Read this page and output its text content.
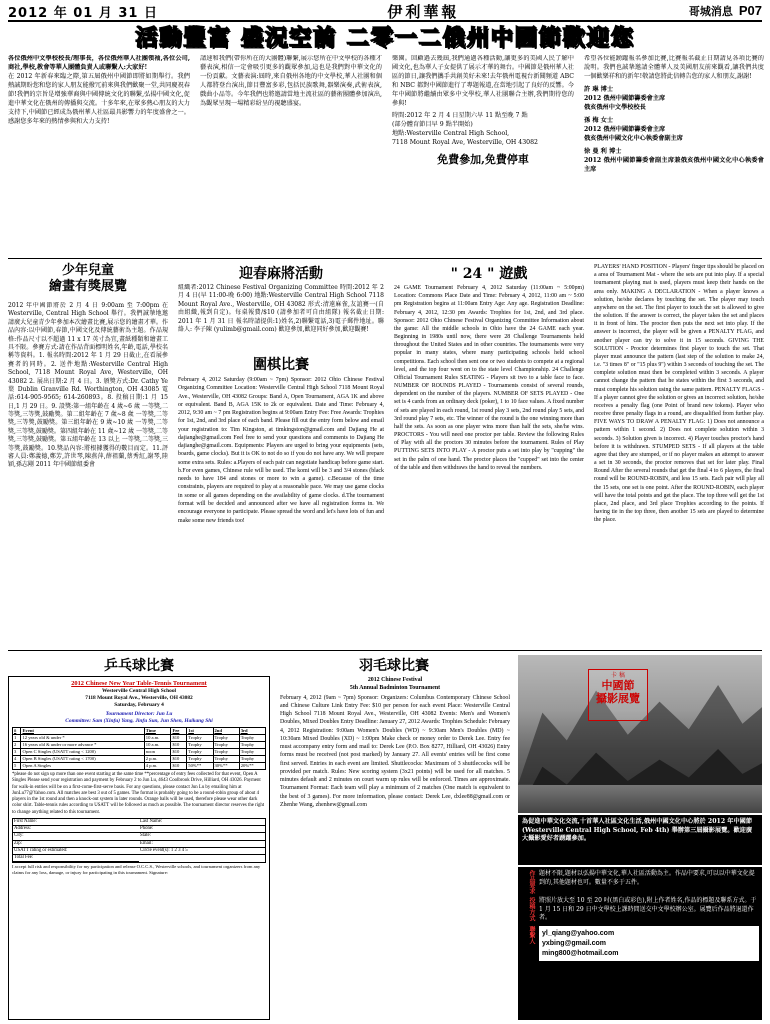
2012 年 01 月 31 日	伊利華報	哥城消息 P07
活動豐富 盛況空前 二零一二俄州中國節歡迎您

各位俄州中文學校校長/理事長，各位俄州華人社團領袖,各位公司,商社,學校,教會等華人團體負責人或聯繫人:大家好!

在 2012 年新春來臨之際,第五屆俄州中國節即將如期舉行。我們熱誠期盼您和您的家人朋友能撥冗前來與我們歡聚一堂,共同慶祝春節!我們的宗旨是增強華裔與中國傳統文化的聯繫,弘揚中國文化,促進中華文化在俄州的傳播與交流。十多年來,在眾多熱心朋友的大力支持下,中國節已經成為俄州華人社區最具影響力的年度盛會之一。感謝您多年來的熱情參與和大力支持!

請速和我們(帶你所在的大團體)聯繫,展示您所在中文學校的各種才藝表演,相信一定會吸引更多的觀眾參加,這也是我們對中華文化的一份貢獻。文藝表演:屆時,來自俄州各地的中文學校,華人社團和個人都將登台演出,節目豐富多彩,包括民族歌舞,器樂演奏,武術表演,戲曲小品等。今年我們也將邀請當地主流社區的藝術團體參加演出,為觀眾呈現一場精彩紛呈的視聽盛宴。

樂園。回顧過去幾屆,我們通過各種活動,讓更多的美國人民了解中國文化,也為華人子女提供了展示才華的舞台。中國節是俄州華人社區的節日,讓我們攜手共創美好未來!去年俄州電視台新聞頻道 ABC 和 NBC 都對中國節進行了專題報道,在當地引起了良好的反響。今年中國節將繼續由眾多中文學校,華人社團聯合主辦,我們期待您的參與!

時間:2012 年 2 月 4 日星期六早 11 點至晚 7 點

(部分體育節目早 9 點半開始)

地點:Westerville Central High School,

7118 Mount Royal Ave, Westerville, OH 43082

免費參加,免費停車

希望各位能踴躍報名參加比賽,比賽報名截止日期請見各項比賽的說明。我們也誠摯邀請全體華人及美國朋友前來觀看,讓我們共度一個歡樂祥和的新年!敬請您將此信轉告您的家人和朋友,謝謝!

許 琳 博士

2012 俄州中國節籌委會主席
俄亥俄州中文學校校長

孫 梅 女士

2012 俄州中國節籌委會主席
俄亥俄州中國文化中心執委會副主席

徐 曼 利 博士

2012 俄州中國節籌委會副主席兼俄亥俄州中國文化中心執委會主席

少年兒童
繪畫有獎展覽
2012 年中國節將於 2 月 4 日 9:00am 至 7:00pm 在 Westerville, Central High School 舉行。我們誠摯地邀請廣大兒童青少年參加本次繪畫比賽,展示您的繪畫才華。作品內容:以中國節,春節,中國文化及傳統藝術為主題。作品規格:作品尺寸以不超過 11 x 17 英寸為宜,畫紙種類和繪畫工具不限。參賽方式:請在作品背面標明姓名,年齡,電話,學校名稱等資料。1. 報名時間:2012 年 1 月 29 日截止,在看展參賽者的同時。2. 送件地點:Westerville Central High School, 7118 Mount Royal Ave, Westerville, OH 43082 2. 展出日期:2 月 4 日。3. 頒獎方式:Dr. Cathy Ye 葉 Dublin Granville Rd. Worthington, OH 43085 電話:614-905-9565; 614-260893。8. 投稿日期:1 月 15 日,1 月 29 日。9. 設獎:第一組年齡在 4 歲~6 歲 一等獎,二等獎,三等獎,鼓勵獎。第二組年齡在 7 歲~8 歲 一等獎,二等獎,三等獎,鼓勵獎。第三組年齡在 9 歲~10 歲 一等獎,二等獎,三等獎,鼓勵獎。第四組年齡在 11 歲~12 歲 一等獎,二等獎,三等獎,鼓勵獎。第五組年齡在 13 以上 一等獎,二等獎,三等獎,鼓勵獎。10.獎品內容:將根據獲得的數目而定。11.評審人員:鄭義德,鄭芳,許世琴,陳燕萍,薛祖蘭,蔡秀紅,謝琴,陸穎,孫志剛 2011 年中國節組委會
迎春麻將活動
組織者:2012 Chinese Festival Organizing Committee 時間:2012 年 2 月 4 日(早 11:00-晚 6:00) 地點:Westerville Central High School 7118 Mount Royal Ave., Westerville, OH 43082 形式:清遠麻雀,友誼賽一(自由組織,報到自定)。每桌報費/$10 (請參加者可自由組隊) 報名截止日期: 2011 年 1 月 31 日 報名時請提供:1)姓名,2)聯繫電話,3)電子郵件地址。聯絡人: 李子陳 (yulimb@gmail.com) 歡迎參加,歡迎同好參加,歡迎觀賽!
圍棋比賽
February 4, 2012 Saturday (9:00am ~ 7pm) Sponsor: 2012 Ohio Chinese Festival Organizing Committee Location: Westerville Central High School 7118 Mount Royal Ave., Westerville, OH 43082 Groups: Band A, Open Tournament, AGA 1K and above or equivalent. Band B, AGA 15K to 2k or equivalent. Date and Time: February 4, 2012, 9:30 am ~ 7 pm Registration begins at 9:00am Entry Fee: Free Awards: Trophies for 1st, 2nd, and 3rd place of each band. Please fill out the entry form below and email your registration to: Tim Kingston, at timkingston@gmail.com and Dajiang He at dajianghe@gmail.com Feel free to send your questions and comments to Dajiang He dajianghe@gmail.com. Equipments: Players are urged to bring your equipments (sets, boards, game clocks). But it is OK to not do so if you do not have any. We will prepare some extra sets. Rules: a.Players of each pair can negotiate handicap before game start. b.For even games, Chinese rule will be used. The komi will be 3 and 3/4 stones (black needs to have 184 and stones or more to win a game). c.Because of the time constraints, players are required to play at a reasonable pace. We may use game clocks in some or all games depending on the availability of game clocks. d.The tournament format will be decided and announced after we have all registration forms in. We encourage everyone to participate. Please spread the word and let's have lots of fun and make some new friends too!
" 24 " 遊戲
24 GAME Tournament February 4, 2012 Saturday (11:00am ~ 5:00pm) Location: Commons Place Date and Time: February 4, 2012, 11:00 am ~ 5:00 pm Registration begins at 11:00am Entry Age: Any age. Registration Deadline: February 4, 2012, 12:30 pm Awards: Trophies for 1st, 2nd, and 3rd place. Sponsor: 2012 Ohio Chinese Festival Organizing Committee Information about the game: All the middle schools in Ohio have the 24 GAME each year. Beginning in 1980s until now, there were 28 Challenge Tournaments held throughout the United States and in other countries. The tournaments were very popular in many states, where many participating schools held school competitions. Each school then sent one or two students to compete at a regional level, and the top four went on to the state level Championship. 24 Challenge Official Tournament Rules SEATING - Players sit two to a table face to face. NUMBER OF ROUNDS PLAYED - Tournaments consist of several rounds, dependent on the number of the players. NUMBER OF SETS PLAYED - One set is 4 cards from an ordinary deck (poker), 1 to 10 face values. A fixed number of sets are played in each round, 1st round play 3 sets, 2nd round play 5 sets, and 3rd round play 7 sets, etc. The winner of the round is the one winning more than half the sets. As soon as one player wins more than half the sets, she/he wins. PROCTORS - You will need one proctor per table. Review the following Rules of Play with all the proctors 30 minutes before the tournament. Rules of Play PUTTING SETS INTO PLAY - A proctor puts a set into play by "cupping" the set in the palm of one hand. The proctor places the "cupped" set into the center of the table and then withdraws the hand to reveal the numbers.
PLAYERS' HAND POSITION - Players' finger tips should be placed on a area of Tournament Mat - where the sets are put into play. If a special tournament playing mat is used, players must keep their hands on the area only. MAKING A DECLARATION - When a player knows a solution, he/she declares by touching the set. The player may touch anywhere on the set. The first player to touch the set is allowed to give the solution. If the answer is correct, the player takes the set and places it in front of him. The proctor then puts the next set into play. If the answer is incorrect, the player will be given a PENALTY FLAG, and another player can try to solve it in 15 seconds. GIVING THE SOLUTION - Proctor determines first player to touch the set. That player must announce the pattern (last step of the solution to make 24, i.e. "3 times 8" or "15 plus 9") within 3 seconds of touching the set. The complete solution must then be completed within 3 seconds. A player cannot change the pattern that he states within the first 3 seconds, and must complete his solution using the same pattern. PENALTY FLAGS - If a player cannot give the solution or gives an incorrect solution, he/she receives a penalty flag (one Point of brand new tokens). Player who receive three penalty flags in a round, are disqualified from further play. FIVE WAYS TO DRAW A PENALTY FLAG: 1) Does not announce a pattern within 1 second. 2) Does not complete solution within 3 seconds. 3) Solution given is incorrect. 4) Player touches proctor's hand before it is withdrawn. STUMPED SETS - If all players at the table agree that they are stumped, or if no player makes an attempt to answer a set in 30 seconds, the proctor removes that set for later play. Final Round After the several rounds that get the final 4 to 6 players, the final round will be ROUND-ROBIN, and less 15 sets. Each pair will play all the 15 sets, one set is one point. After the ROUND-ROBIN, each player will have the total points and get the place. The top three will get the 1st place, 2nd place, and 3rd place Trophies according to the points. If having tie in the top three, then another 15 sets are played to determine the place.
乒乓球比賽
2012 Chinese New Year Table-Tennis Tournament
Westerville Central High School
7118 Mount Royal Ave., Westerville, OH 43082
Saturday, February 4
Tournament Director: Jun Lu
Committee: Sam (Xinfu) Yang, Jinfu Sun, Jun Shen, Haikang Shi
#	Event	Time	Fee	1st	2nd	3rd
1	12 years old & under *	10 a.m.	$10	Trophy	Trophy	Trophy
2	16 years old & under or more advance *	10 a.m.	$10	Trophy	Trophy	Trophy
3	Open C Singles (USATT rating < 1200)	noon	$10	Trophy	Trophy	Trophy
4	Open B Singles (USATT rating < 1700)	2 p.m.	$10	Trophy	Trophy	Trophy
5	Open A Singles	4 p.m.	$10	50%**	30%**	20%**
*please do not sign up more than one event starting at the same time **percentage of entry fees collected for that event, Open A Singles Please send your registration and payment by February 2 to Jun Lu, 4643 Coolbrook Drive, Hilliard, OH 43026. Payment for walk-in entries will be on a first-come-first-serve basis. For any questions, please contact Jun Lu by emailing him at JunLu77@Yahoo.com. All matches are best 3 out of 5 games. The format is probably going to be a round-robin group of about 4 players in the 1st round and then a knock-out system in later rounds. Orange balls will be used, therefore please wear other dark color shirt. Table-tennis rules according to USATT will be followed as much as possible. The tournament director reserves the right to change anything related to this tournament.
First Name:	Last Name:
Address:	Phone:
City:	State:
Zip:	Email:
USATT rating or estimated:	Circle event(s): 1 2 3 4 5
Total Fee:
I accept full risk and responsibility for my participation and release O.C.C.S., Westerville schools, and tournament organizers from any claims for any loss, damage, or injury for participating in this tournament. Signature:
羽毛球比賽
2012 Chinese Festival
5th Annual Badminton Tournament
February 4, 2012 (9am ~ 7pm) Sponsor: Organizers: Columbus Contemporary Chinese School and Chinese Culture Link Entry Fee: $10 per person for each event Place: Westerville Central High School 7118 Mount Royal Ave., Westerville, OH 43082 Events: Men's and Women's Doubles, Mixed Doubles Entry Deadline: January 27, 2012 Awards: Trophies Schedule: February 4, 2012 Registration: 9:00am Women's Doubles (WD) ~ 9:30am Men's Doubles (MD) ~ 10:30am Mixed Doubles (XD) ~ 1:00pm Make check or money order to Derek Lee. Entry fee must accompany entry form and mail to: Derek Lee (P.O. Box 8277, Hilliard, OH 43026) Entry forms must be received (not post marked) by January 27. All events' entries will be first come first served. Entries in each event are limited. Shuttlecocks: Maximum of 3 shuttlecocks will be provided per match. Rules: New scoring system (3x21 points) will be used for all matches. 5 minutes default and 2 minutes on court warm up rules will be enforced. Times are approximate. Tournament Format: Each team will play a minimum of 2 matches (One match is equivalent to the best of 3 games). For more information, please contact: Derek Lee, dxlee88@gmail.com or Zhenhe Wang, zhenhew@gmail.com
卡 稿
中國節
攝影展覽
為促進中華文化交流,十首華人社區文化生活,俄州中國文化中心將於 2012 年中國節 (Westerville Central High School, Feb 4th) 舉辦第三屆攝影展覽。歡迎廣大攝影愛好者踴躍參加。
作品要求 題材不限,題材以弘揚中華文化,華人社區活動為主。作品中要求,可以以中華文化提到的,其他題材也可。數量不多于五件。
投稿方式 將照片放大至 10 至 20 吋(黑白或彩色),附上作者姓名,作品的標題及聯系方式。于 1 月 15 日和 29 日中文學校上課時間送交中文學校辦公室。展覽后作品將退還作者。
聯繫人 yl_qiang@yahoo.com
yxbing@gmail.com
ming800@hotmail.com
